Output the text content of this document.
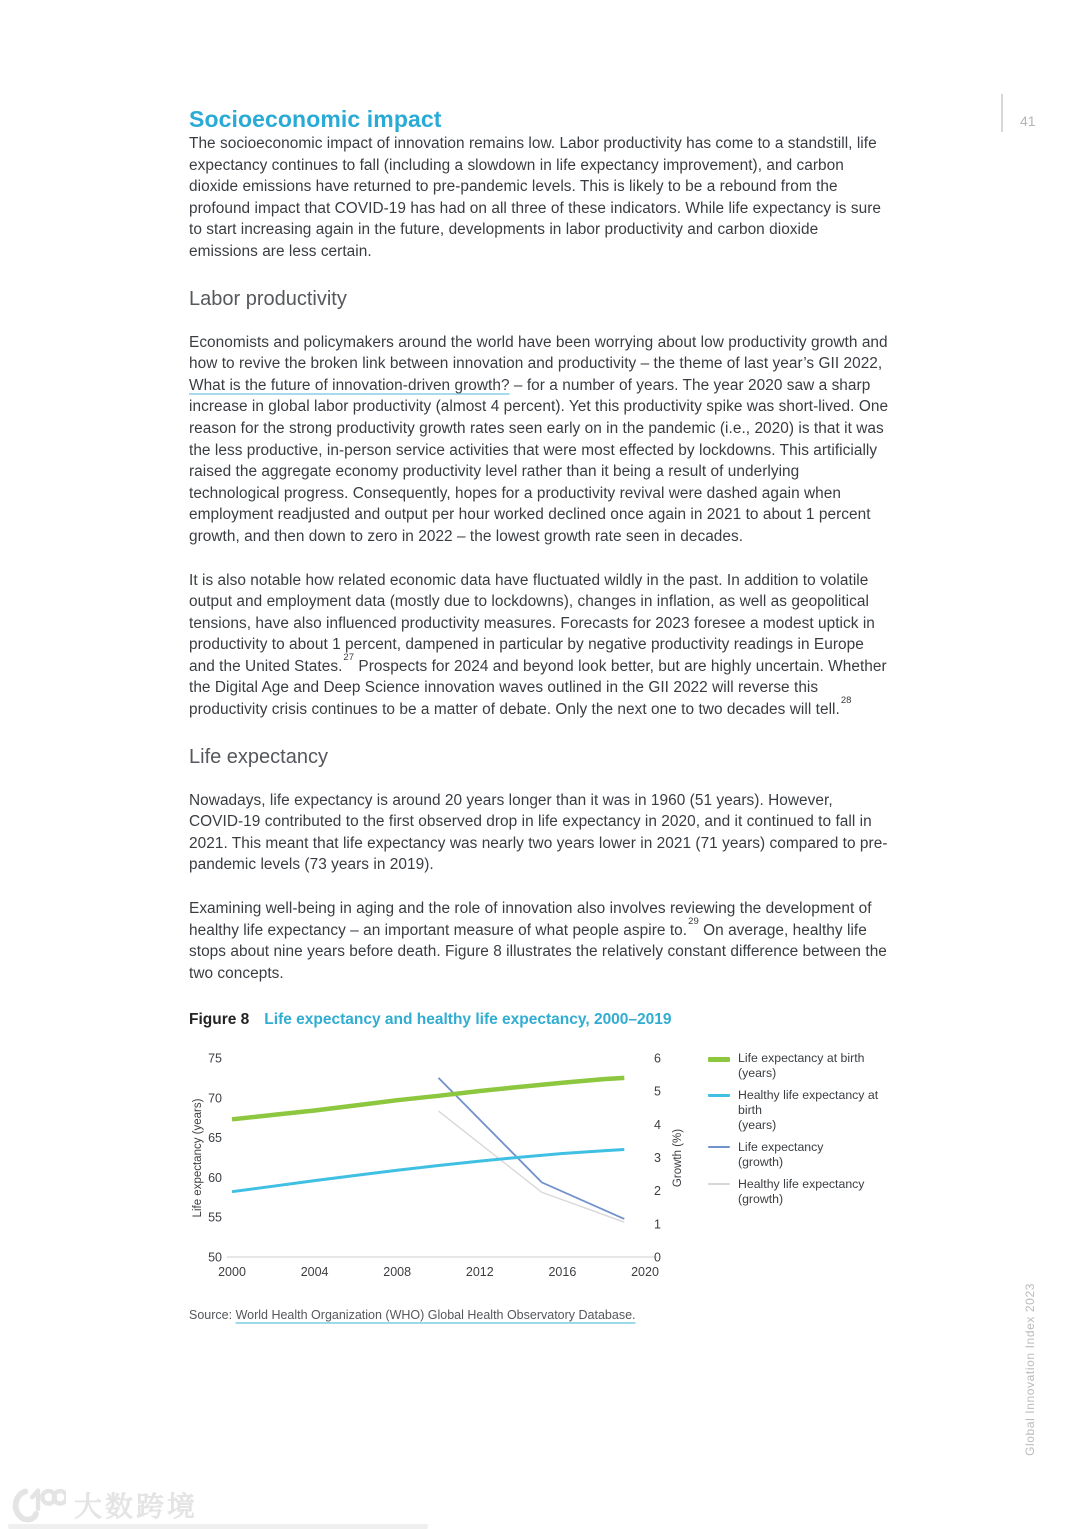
Socioeconomic impact

The socioeconomic impact of innovation remains low. Labor productivity has come to a standstill, life expectancy continues to fall (including a slowdown in life expectancy improvement), and carbon dioxide emissions have returned to pre-pandemic levels. This is likely to be a rebound from the profound impact that COVID-19 has had on all three of these indicators. While life expectancy is sure to start increasing again in the future, developments in labor productivity and carbon dioxide emissions are less certain.

Labor productivity

Economists and policymakers around the world have been worrying about low productivity growth and how to revive the broken link between innovation and productivity – the theme of last year’s GII 2022, What is the future of innovation-driven growth? – for a number of years. The year 2020 saw a sharp increase in global labor productivity (almost 4 percent). Yet this productivity spike was short-lived. One reason for the strong productivity growth rates seen early on in the pandemic (i.e., 2020) is that it was the less productive, in-person service activities that were most effected by lockdowns. This artificially raised the aggregate economy productivity level rather than it being a result of underlying technological progress. Consequently, hopes for a productivity revival were dashed again when employment readjusted and output per hour worked declined once again in 2021 to about 1 percent growth, and then down to zero in 2022 – the lowest growth rate seen in decades.

It is also notable how related economic data have fluctuated wildly in the past. In addition to volatile output and employment data (mostly due to lockdowns), changes in inflation, as well as geopolitical tensions, have also influenced productivity measures. Forecasts for 2023 foresee a modest uptick in productivity to about 1 percent, dampened in particular by negative productivity readings in Europe and the United States.$^{27}$ Prospects for 2024 and beyond look better, but are highly uncertain. Whether the Digital Age and Deep Science innovation waves outlined in the GII 2022 will reverse this productivity crisis continues to be a matter of debate. Only the next one to two decades will tell.$^{28}$

Life expectancy

Nowadays, life expectancy is around 20 years longer than it was in 1960 (51 years). However, COVID-19 contributed to the first observed drop in life expectancy in 2020, and it continued to fall in 2021. This meant that life expectancy was nearly two years lower in 2021 (71 years) compared to pre-pandemic levels (73 years in 2019).

Examining well-being in aging and the role of innovation also involves reviewing the development of healthy life expectancy – an important measure of what people aspire to.$^{29}$ On average, healthy life stops about nine years before death. Figure 8 illustrates the relatively constant difference between the two concepts.

Figure 8 Life expectancy and healthy life expectancy, 2000–2019
Life expectancy (years)	Growth (%)
50
55
60
65
70
75
0
1
2
3
4
5
6
2000	2004	2008	2012	2016	2020
Life expectancy at birth
(years)
Healthy life expectancy at birth
(years)
Life expectancy
(growth)
Healthy life expectancy
(growth)

Source: World Health Organization (WHO) Global Health Observatory Database.

41
Global Innovation Index 2023
大数跨境
